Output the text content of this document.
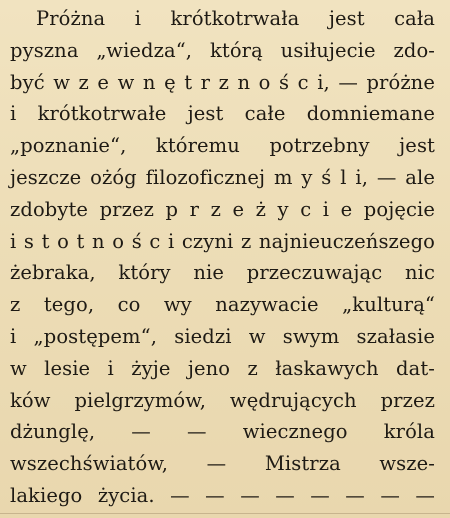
Próżna i krótkotrwała jest cała
pyszna „wiedza“, którą usiłujecie zdo-
być w z e w n ę t r z n o ś c i, — próżne
i krótkotrwałe jest całe domniemane
„poznanie“, któremu potrzebny jest
jeszcze ożóg filozoficznej m y ś l i, — ale
zdobyte przez p r z e ż y c i e pojęcie
i s t o t n o ś c i czyni z najnieuczeńszego
żebraka, który nie przeczuwając nic
z tego, co wy nazywacie „kulturą“
i „postępem“, siedzi w swym szałasie
w lesie i żyje jeno z łaskawych dat-
ków pielgrzymów, wędrujących przez
dżunglę, — — wiecznego króla
wszechświatów, — Mistrza wsze-
lakiego życia. — — — — — — — —
